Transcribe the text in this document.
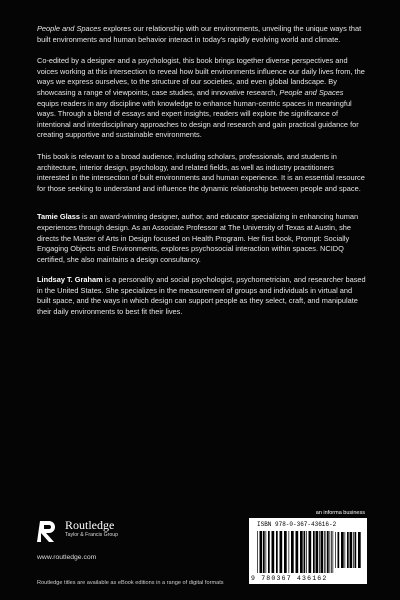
People and Spaces explores our relationship with our environments, unveiling the unique ways that built environments and human behavior interact in today's rapidly evolving world and climate.

Co-edited by a designer and a psychologist, this book brings together diverse perspectives and voices working at this intersection to reveal how built environments influence our daily lives from, the ways we express ourselves, to the structure of our societies, and even global landscape. By showcasing a range of viewpoints, case studies, and innovative research, People and Spaces equips readers in any discipline with knowledge to enhance human-centric spaces in meaningful ways. Through a blend of essays and expert insights, readers will explore the significance of intentional and interdisciplinary approaches to design and research and gain practical guidance for creating supportive and sustainable environments.

This book is relevant to a broad audience, including scholars, professionals, and students in architecture, interior design, psychology, and related fields, as well as industry practitioners interested in the intersection of built environments and human experience. It is an essential resource for those seeking to understand and influence the dynamic relationship between people and space.

Tamie Glass is an award-winning designer, author, and educator specializing in enhancing human experiences through design. As an Associate Professor at The University of Texas at Austin, she directs the Master of Arts in Design focused on Health Program. Her first book, Prompt: Socially Engaging Objects and Environments, explores psychosocial interaction within spaces. NCIDQ certified, she also maintains a design consultancy.

Lindsay T. Graham is a personality and social psychologist, psychometrician, and researcher based in the United States. She specializes in the measurement of groups and individuals in virtual and built space, and the ways in which design can support people as they select, craft, and manipulate their daily environments to best fit their lives.

Routledge
Taylor & Francis Group
www.routledge.com
Routledge titles are available as eBook editions in a range of digital formats
an informa business
ISBN 978-0-367-43616-2
9 780367 436162
